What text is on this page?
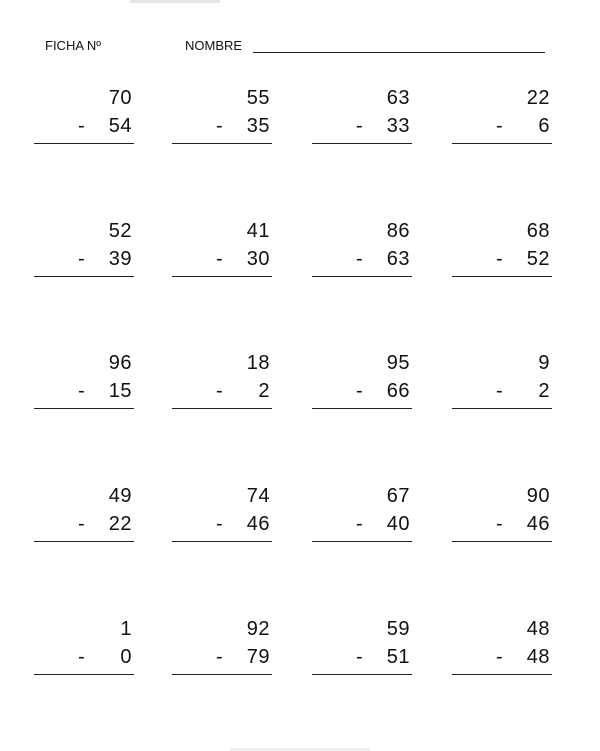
FICHA Nº	NOMBRE
70
- 54
55
- 35
63
- 33
22
- 6
52
- 39
41
- 30
86
- 63
68
- 52
96
- 15
18
- 2
95
- 66
9
- 2
49
- 22
74
- 46
67
- 40
90
- 46
1
- 0
92
- 79
59
- 51
48
- 48
